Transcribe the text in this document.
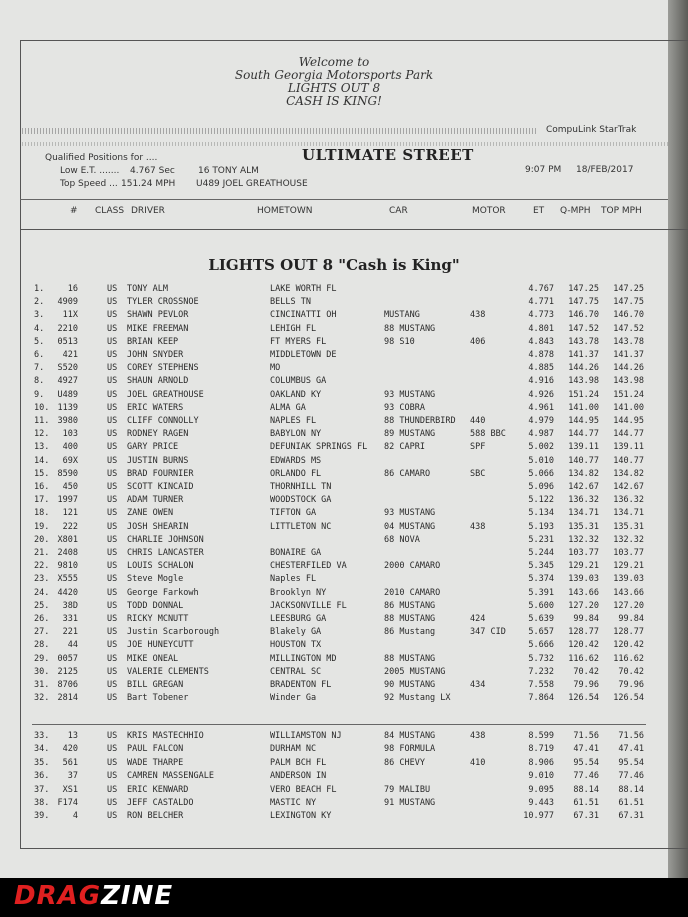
Welcome to
South Georgia Motorsports Park
LIGHTS OUT 8
CASH IS KING!
CompuLink StarTrak
Qualified Positions for ....	ULTIMATE STREET
Low E.T. ....... 4.767 Sec	16 TONY ALM
Top Speed ... 151.24 MPH U489 JOEL GREATHOUSE
9:07 PM 18/FEB/2017
# CLASS DRIVER	HOMETOWN	CAR	MOTOR	ET Q-MPH TOP MPH
LIGHTS OUT 8 "Cash is King"
1.	16	US TONY ALM	LAKE WORTH FL	4.767	147.25	147.25
2.	4909	US TYLER CROSSNOE	BELLS TN	4.771	147.75	147.75
3.	11X	US SHAWN PEVLOR	CINCINATTI OH	MUSTANG	438	4.773	146.70	146.70
4.	2210	US MIKE FREEMAN	LEHIGH FL	88 MUSTANG	4.801	147.52	147.52
5.	0513	US BRIAN KEEP	FT MYERS FL	98 S10	406	4.843	143.78	143.78
6.	421	US JOHN SNYDER	MIDDLETOWN DE	4.878	141.37	141.37
7.	S520	US COREY STEPHENS	MO	4.885	144.26	144.26
8.	4927	US SHAUN ARNOLD	COLUMBUS GA	4.916	143.98	143.98
9.	U489	US JOEL GREATHOUSE	OAKLAND KY	93 MUSTANG	4.926	151.24	151.24
10. 1139	US ERIC WATERS	ALMA GA	93 COBRA	4.961	141.00	141.00
11. 3980	US CLIFF CONNOLLY	NAPLES FL	88 THUNDERBIRD 440	4.979	144.95	144.95
12.	103	US RODNEY RAGEN	BABYLON NY	89 MUSTANG	588 BBC	4.987	144.77	144.77
13.	400	US GARY PRICE	DEFUNIAK SPRINGS FL 82 CAPRI	SPF	5.002	139.11	139.11
14.	69X	US JUSTIN BURNS	EDWARDS MS	5.010	140.77	140.77
15. 8590	US BRAD FOURNIER	ORLANDO FL	86 CAMARO	SBC	5.066	134.82	134.82
16.	450	US SCOTT KINCAID	THORNHILL TN	5.096	142.67	142.67
17. 1997	US ADAM TURNER	WOODSTOCK GA	5.122	136.32	136.32
18.	121	US ZANE OWEN	TIFTON GA	93 MUSTANG	5.134	134.71	134.71
19.	222	US JOSH SHEARIN	LITTLETON NC	04 MUSTANG	438	5.193	135.31	135.31
20. X801	US CHARLIE JOHNSON	68 NOVA	5.231	132.32	132.32
21. 2408	US CHRIS LANCASTER	BONAIRE GA	5.244	103.77	103.77
22. 9810	US LOUIS SCHALON	CHESTERFILED VA	2000 CAMARO	5.345	129.21	129.21
23. X555	US Steve Mogle	Naples FL	5.374	139.03	139.03
24. 4420	US George Farkowh	Brooklyn NY	2010 CAMARO	5.391	143.66	143.66
25.	38D	US TODD DONNAL	JACKSONVILLE FL	86 MUSTANG	5.600	127.20	127.20
26.	331	US RICKY MCNUTT	LEESBURG GA	88 MUSTANG	424	5.639	99.84	99.84
27.	221	US Justin Scarborough	Blakely GA	86 Mustang	347 CID	5.657	128.77	128.77
28.	44	US JOE HUNEYCUTT	HOUSTON TX	5.666	120.42	120.42
29. 0057	US MIKE ONEAL	MILLINGTON MD	88 MUSTANG	5.732	116.62	116.62
30. 2125	US VALERIE CLEMENTS	CENTRAL SC	2005 MUSTANG	7.232	70.42	70.42
31. 8706	US BILL GREGAN	BRADENTON FL	90 MUSTANG	434	7.558	79.96	79.96
32. 2814	US Bart Tobener	Winder Ga	92 Mustang LX	7.864	126.54	126.54
33.	13	US KRIS MASTECHHIO	WILLIAMSTON NJ	84 MUSTANG	438	8.599	71.56	71.56
34.	420	US PAUL FALCON	DURHAM NC	98 FORMULA	8.719	47.41	47.41
35.	561	US WADE THARPE	PALM BCH FL	86 CHEVY	410	8.906	95.54	95.54
36.	37	US CAMREN MASSENGALE	ANDERSON IN	9.010	77.46	77.46
37.	XS1	US ERIC KENWARD	VERO BEACH FL	79 MALIBU	9.095	88.14	88.14
38. F174	US JEFF CASTALDO	MASTIC NY	91 MUSTANG	9.443	61.51	61.51
39.	4	US RON BELCHER	LEXINGTON KY	10.977	67.31	67.31
DRAGZINE
